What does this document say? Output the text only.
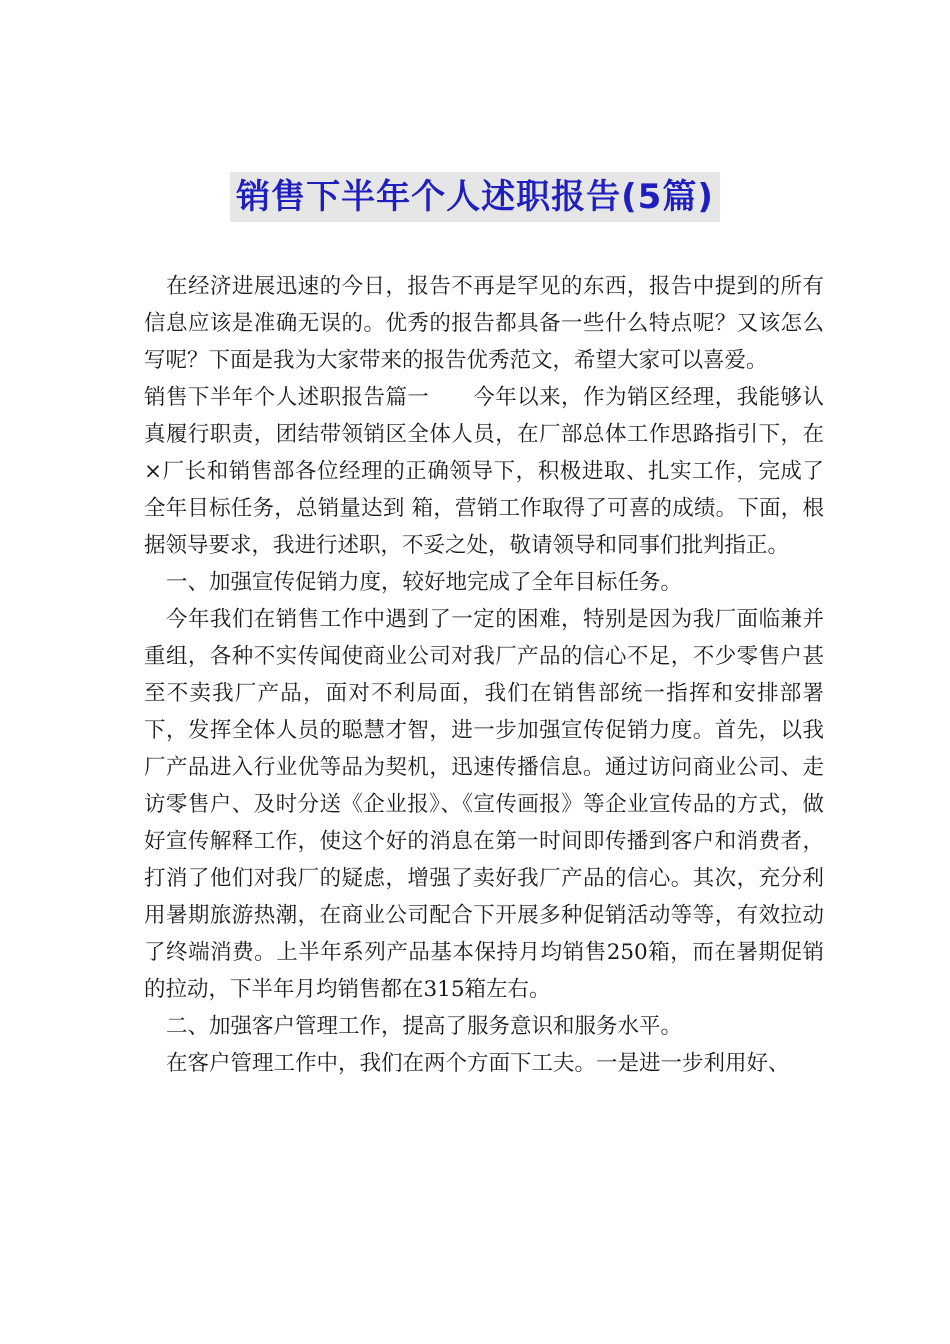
销售下半年个人述职报告(5篇)

在经济进展迅速的今日，报告不再是罕见的东西，报告中提到的所有信息应该是准确无误的。优秀的报告都具备一些什么特点呢？又该怎么写呢？下面是我为大家带来的报告优秀范文，希望大家可以喜爱。

销售下半年个人述职报告篇一　　今年以来，作为销区经理，我能够认真履行职责，团结带领销区全体人员，在厂部总体工作思路指引下，在×厂长和销售部各位经理的正确领导下，积极进取、扎实工作，完成了全年目标任务，总销量达到 箱，营销工作取得了可喜的成绩。下面，根据领导要求，我进行述职，不妥之处，敬请领导和同事们批判指正。

一、加强宣传促销力度，较好地完成了全年目标任务。

今年我们在销售工作中遇到了一定的困难，特别是因为我厂面临兼并重组，各种不实传闻使商业公司对我厂产品的信心不足，不少零售户甚至不卖我厂产品，面对不利局面，我们在销售部统一指挥和安排部署下，发挥全体人员的聪慧才智，进一步加强宣传促销力度。首先，以我厂产品进入行业优等品为契机，迅速传播信息。通过访问商业公司、走访零售户、及时分送《企业报》、《宣传画报》等企业宣传品的方式，做好宣传解释工作，使这个好的消息在第一时间即传播到客户和消费者，打消了他们对我厂的疑虑，增强了卖好我厂产品的信心。其次，充分利用暑期旅游热潮，在商业公司配合下开展多种促销活动等等，有效拉动了终端消费。上半年系列产品基本保持月均销售250箱，而在暑期促销的拉动，下半年月均销售都在315箱左右。

二、加强客户管理工作，提高了服务意识和服务水平。

在客户管理工作中，我们在两个方面下工夫。一是进一步利用好、
